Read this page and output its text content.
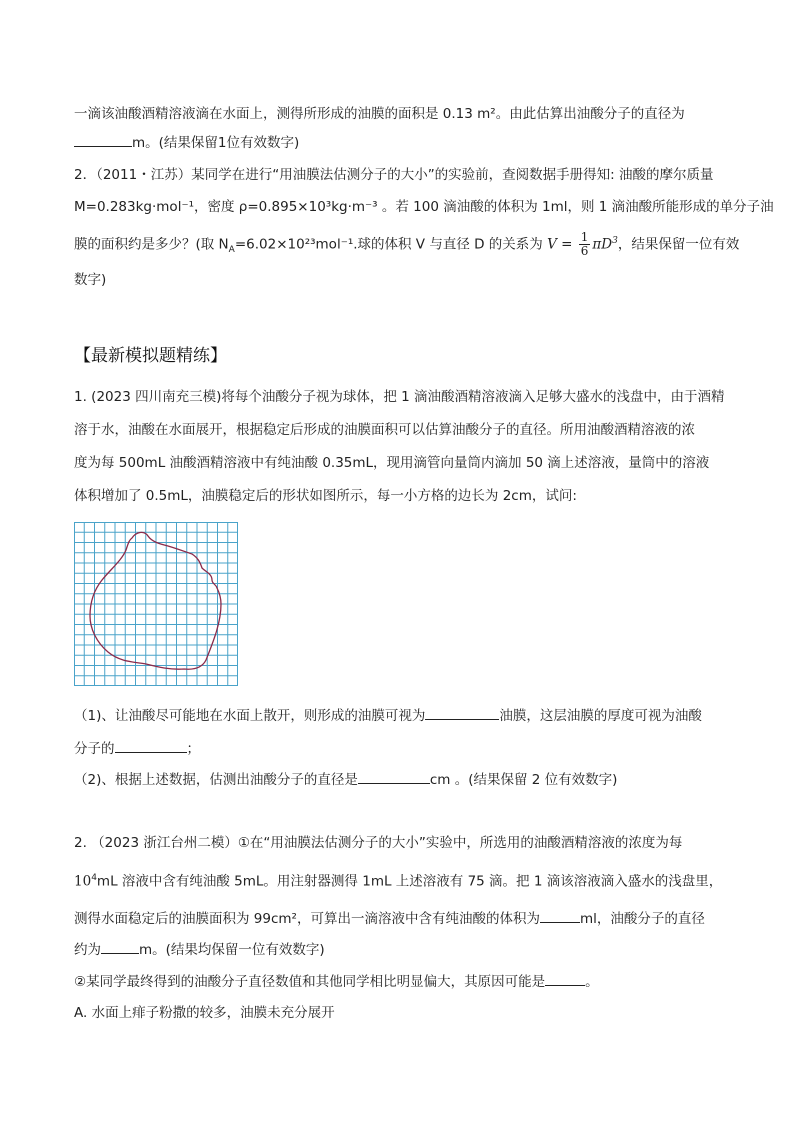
一滴该油酸酒精溶液滴在水面上，测得所形成的油膜的面积是 0.13 m²。由此估算出油酸分子的直径为
m。(结果保留1位有效数字)
2．（2011・江苏）某同学在进行“用油膜法估测分子的大小”的实验前，查阅数据手册得知: 油酸的摩尔质量
M=0.283kg·mol⁻¹，密度 ρ=0.895×10³kg·m⁻³ 。若 100 滴油酸的体积为 1ml，则 1 滴油酸所能形成的单分子油
膜的面积约是多少？(取 $N_A=6.02\times 10^{23}mol^{-1}$.球的体积 V 与直径 D 的关系为 $V = \frac{1}{6} \pi D^3$，结果保留一位有效
数字)
【最新模拟题精练】
1. (2023 四川南充三模)将每个油酸分子视为球体，把 1 滴油酸酒精溶液滴入足够大盛水的浅盘中，由于酒精
溶于水，油酸在水面展开，根据稳定后形成的油膜面积可以估算油酸分子的直径。所用油酸酒精溶液的浓
度为每 500mL 油酸酒精溶液中有纯油酸 0.35mL，现用滴管向量筒内滴加 50 滴上述溶液，量筒中的溶液
体积增加了 0.5mL，油膜稳定后的形状如图所示，每一小方格的边长为 2cm，试问:
（1)、让油酸尽可能地在水面上散开，则形成的油膜可视为	油膜，这层油膜的厚度可视为油酸
分子的	；
（2)、根据上述数据，估测出油酸分子的直径是	cm 。(结果保留 2 位有效数字)
2. （2023 浙江台州二模）①在“用油膜法估测分子的大小”实验中，所选用的油酸酒精溶液的浓度为每
$10^4mL$ 溶液中含有纯油酸 5mL。用注射器测得 1mL 上述溶液有 75 滴。把 1 滴该溶液滴入盛水的浅盘里，
测得水面稳定后的油膜面积为 99cm²，可算出一滴溶液中含有纯油酸的体积为	ml，油酸分子的直径
约为	m。(结果均保留一位有效数字)
②某同学最终得到的油酸分子直径数值和其他同学相比明显偏大，其原因可能是	。
A. 水面上痱子粉撒的较多，油膜未充分展开
